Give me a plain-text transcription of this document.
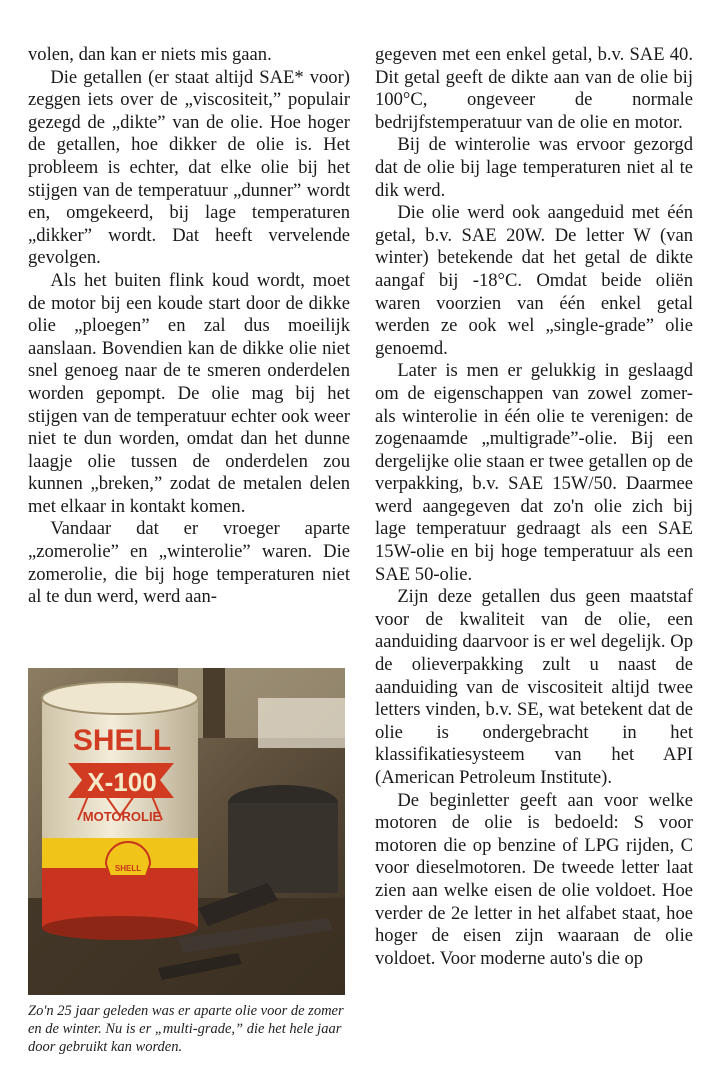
volen, dan kan er niets mis gaan.

Die getallen (er staat altijd SAE* voor) zeggen iets over de „viscositeit,” populair gezegd de „dikte” van de olie. Hoe hoger de getallen, hoe dikker de olie is. Het probleem is echter, dat elke olie bij het stijgen van de temperatuur „dunner” wordt en, omgekeerd, bij lage temperaturen „dikker” wordt. Dat heeft vervelende gevolgen.

Als het buiten flink koud wordt, moet de motor bij een koude start door de dikke olie „ploegen” en zal dus moeilijk aanslaan. Bovendien kan de dikke olie niet snel genoeg naar de te smeren onderdelen worden gepompt. De olie mag bij het stijgen van de temperatuur echter ook weer niet te dun worden, omdat dan het dunne laagje olie tussen de onderdelen zou kunnen „breken,” zodat de metalen delen met elkaar in kontakt komen.

Vandaar dat er vroeger aparte „zomerolie” en „winterolie” waren. Die zomerolie, die bij hoge temperaturen niet al te dun werd, werd aan-

SHELL
X-100
MOTOROLIE
SHELL
Zo'n 25 jaar geleden was er aparte olie voor de zomer en de winter. Nu is er „multi-grade,” die het hele jaar door gebruikt kan worden.

gegeven met een enkel getal, b.v. SAE 40. Dit getal geeft de dikte aan van de olie bij 100°C, ongeveer de normale bedrijfstemperatuur van de olie en motor.

Bij de winterolie was ervoor gezorgd dat de olie bij lage temperaturen niet al te dik werd.

Die olie werd ook aangeduid met één getal, b.v. SAE 20W. De letter W (van winter) betekende dat het getal de dikte aangaf bij -18°C. Omdat beide oliën waren voorzien van één enkel getal werden ze ook wel „single-grade” olie genoemd.

Later is men er gelukkig in geslaagd om de eigenschappen van zowel zomer- als winterolie in één olie te verenigen: de zogenaamde „multigrade”-olie. Bij een dergelijke olie staan er twee getallen op de verpakking, b.v. SAE 15W/50. Daarmee werd aangegeven dat zo'n olie zich bij lage temperatuur gedraagt als een SAE 15W-olie en bij hoge temperatuur als een SAE 50-olie.

Zijn deze getallen dus geen maatstaf voor de kwaliteit van de olie, een aanduiding daarvoor is er wel degelijk. Op de olieverpakking zult u naast de aanduiding van de viscositeit altijd twee letters vinden, b.v. SE, wat betekent dat de olie is ondergebracht in het klassifikatiesysteem van het API (American Petroleum Institute).

De beginletter geeft aan voor welke motoren de olie is bedoeld: S voor motoren die op benzine of LPG rijden, C voor dieselmotoren. De tweede letter laat zien aan welke eisen de olie voldoet. Hoe verder de 2e letter in het alfabet staat, hoe hoger de eisen zijn waaraan de olie voldoet. Voor moderne auto's die op
